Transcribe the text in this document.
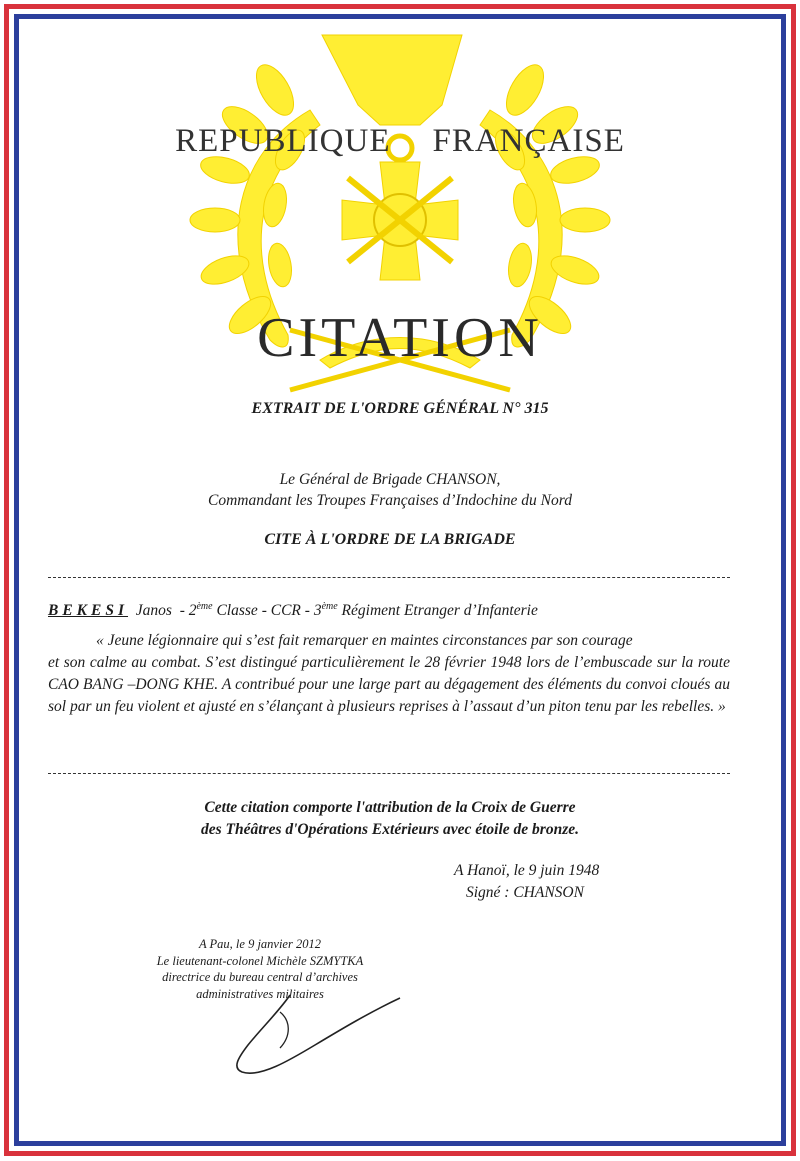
REPUBLIQUE FRANÇAISE
CITATION
EXTRAIT DE L'ORDRE GÉNÉRAL N° 315
Le Général de Brigade CHANSON,
Commandant les Troupes Françaises d’Indochine du Nord
CITE À L'ORDRE DE LA BRIGADE
BEKESI Janos - 2ème Classe - CCR - 3ème Régiment Etranger d’Infanterie
« Jeune légionnaire qui s’est fait remarquer en maintes circonstances par son courage
et son calme au combat. S’est distingué particulièrement le 28 février 1948 lors de l’embuscade sur la route CAO BANG –DONG KHE. A contribué pour une large part au dégagement des éléments du convoi cloués au sol par un feu violent et ajusté en s’élançant à plusieurs reprises à l’assaut d’un piton tenu par les rebelles. »
Cette citation comporte l'attribution de la Croix de Guerre
des Théâtres d'Opérations Extérieurs avec étoile de bronze.
A Hanoï, le 9 juin 1948
Signé : CHANSON
A Pau, le 9 janvier 2012
Le lieutenant-colonel Michèle SZMYTKA
directrice du bureau central d’archives
administratives militaires
